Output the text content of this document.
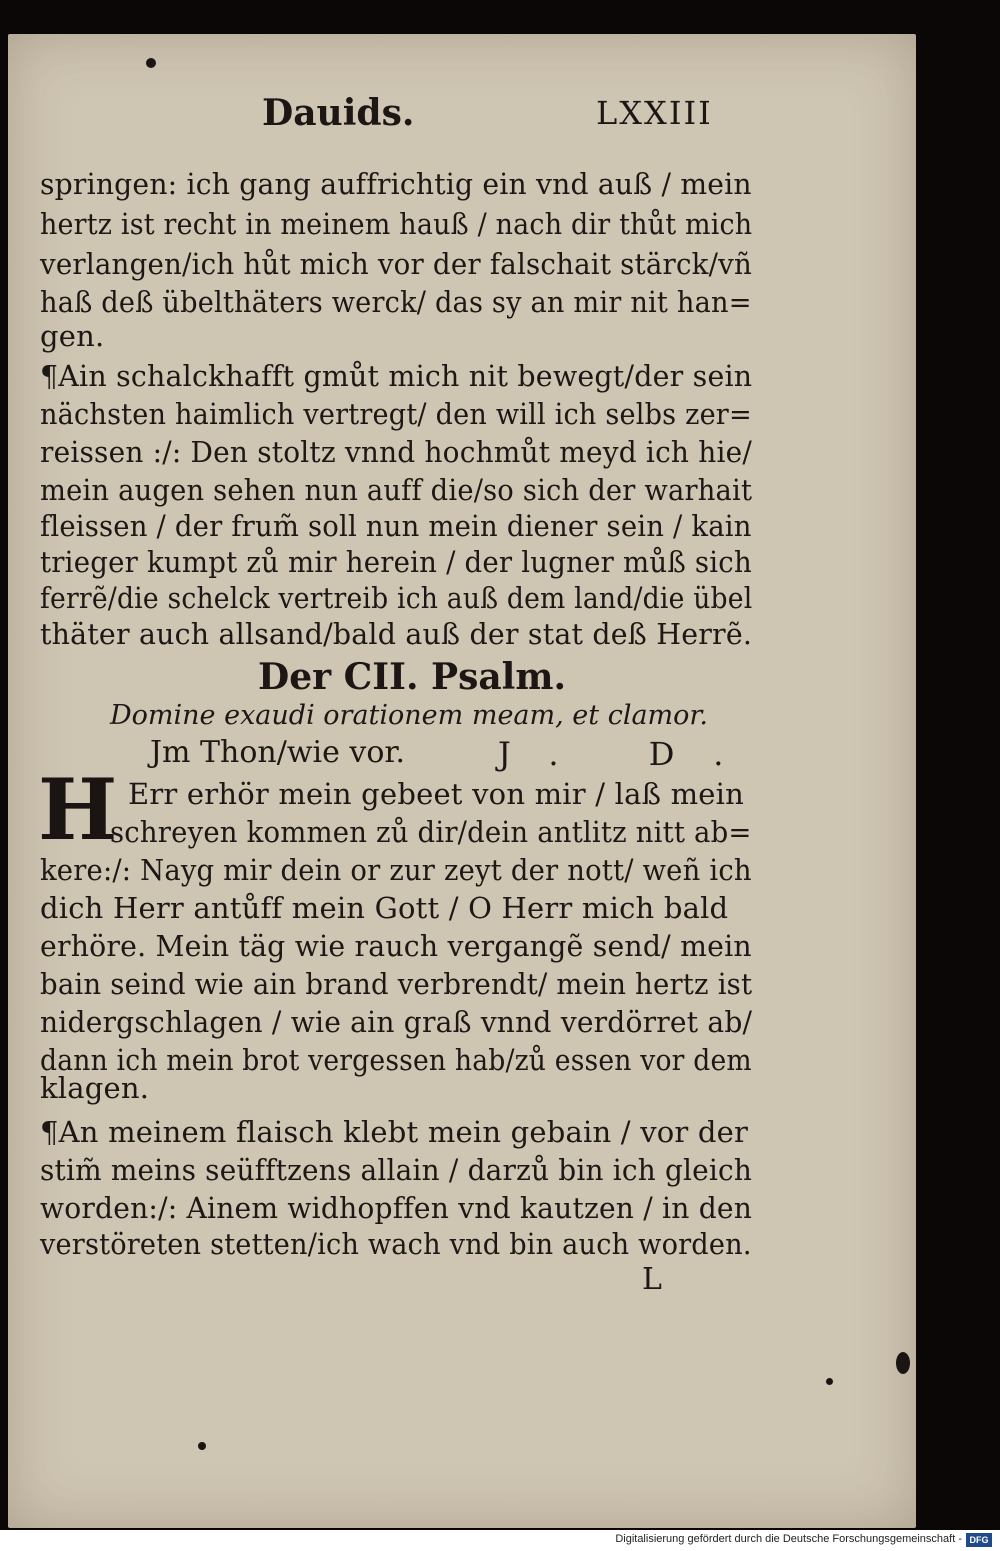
Dauids.	LXXIII
springen: ich gang auffrichtig ein vnd auß / mein
hertz ist recht in meinem hauß / nach dir thůt mich
verlangen/ich hůt mich vor der falschait stärck/vñ
haß deß übelthäters werck/ das sy an mir nit han=
gen.
¶Ain schalckhafft gmůt mich nit bewegt/der sein
nächsten haimlich vertregt/ den will ich selbs zer=
reissen :/: Den stoltz vnnd hochmůt meyd ich hie/
mein augen sehen nun auff die/so sich der warhait
fleissen / der frum̃ soll nun mein diener sein / kain
trieger kumpt zů mir herein / der lugner můß sich
ferrẽ/die schelck vertreib ich auß dem land/die übel
thäter auch allsand/bald auß der stat deß Herrẽ.
Der CII. Psalm.
Domine exaudi orationem meam, et clamor.
Jm Thon/wie vor.	J. D.
H Err erhör mein gebeet von mir / laß mein
schreyen kommen zů dir/dein antlitz nitt ab=
kere:/: Nayg mir dein or zur zeyt der nott/ weñ ich
dich Herr antůff mein Gott / O Herr mich bald
erhöre. Mein täg wie rauch vergangẽ send/ mein
bain seind wie ain brand verbrendt/ mein hertz ist
nidergschlagen / wie ain graß vnnd verdörret ab/
dann ich mein brot vergessen hab/zů essen vor dem
klagen.
¶An meinem flaisch klebt mein gebain / vor der
stim̃ meins seüfftzens allain / darzů bin ich gleich
worden:/: Ainem widhopffen vnd kautzen / in den
verstöreten stetten/ich wach vnd bin auch worden.
L
Digitalisierung gefördert durch die Deutsche Forschungsgemeinschaft - DFG
